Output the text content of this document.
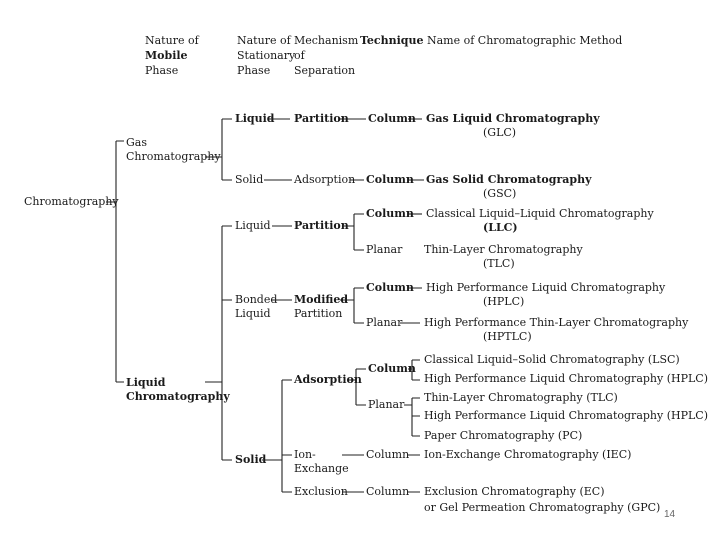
Nature of
Mobile
Phase
Nature of
Stationary
Phase
Mechanism
of
Separation
Technique Name of Chromatographic Method
Chromatography
Gas
Chromatography
Liquid
Chromatography
Liquid
Solid
Liquid
Bonded
Liquid
Solid
Partition
Adsorption
Partition
Modified
Partition
Adsorption
Ion-
Exchange
Exclusion
Column
Column
Column
Planar
Column
Planar
Column
Planar
Column
Column
Gas Liquid Chromatography
(GLC)
Gas Solid Chromatography
(GSC)
Classical Liquid–Liquid Chromatography
(LLC)
Thin-Layer Chromatography
(TLC)
High Performance Liquid Chromatography
(HPLC)
High Performance Thin-Layer Chromatography
(HPTLC)
Classical Liquid–Solid Chromatography (LSC)
High Performance Liquid Chromatography (HPLC)
Thin-Layer Chromatography (TLC)
High Performance Liquid Chromatography (HPLC)
Paper Chromatography (PC)
Ion-Exchange Chromatography (IEC)
Exclusion Chromatography (EC)
or Gel Permeation Chromatography (GPC)
14
